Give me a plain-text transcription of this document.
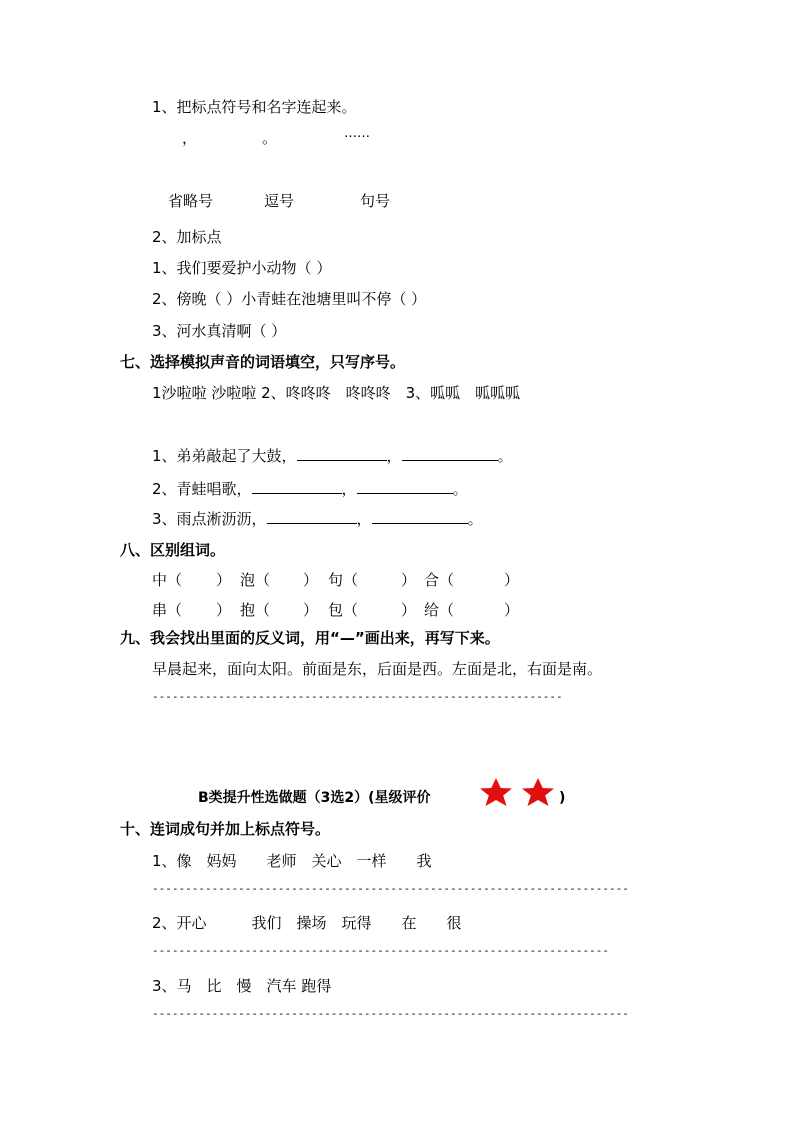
1、把标点符号和名字连起来。
，	。	……
省略号	逗号	句号
2、加标点
1、我们要爱护小动物（ ）
2、傍晚（ ）小青蛙在池塘里叫不停（ ）
3、河水真清啊（ ）
七、选择模拟声音的词语填空，只写序号。
1沙啦啦 沙啦啦 2、咚咚咚　咚咚咚　3、呱呱　呱呱呱
1、弟弟敲起了大鼓，	，	。
2、青蛙唱歌，	，	。
3、雨点淅沥沥，	，	。
八、区别组词。
中（ ） 泡（ ） 句（	） 合（	）
串（ ） 抱（ ） 包（	） 给（	）
九、我会找出里面的反义词，用“—”画出来，再写下来。
早晨起来，面向太阳。前面是东，后面是西。左面是北，右面是南。
--------------------------------------------------------------
B类提升性选做题（3选2）(星级评价	)
十、连词成句并加上标点符号。
1、像　妈妈　　老师　关心　一样　　我
------------------------------------------------------------------------
2、开心　　　我们　操场　玩得　　在　　很
---------------------------------------------------------------------
3、马　比　慢　汽车 跑得
------------------------------------------------------------------------
